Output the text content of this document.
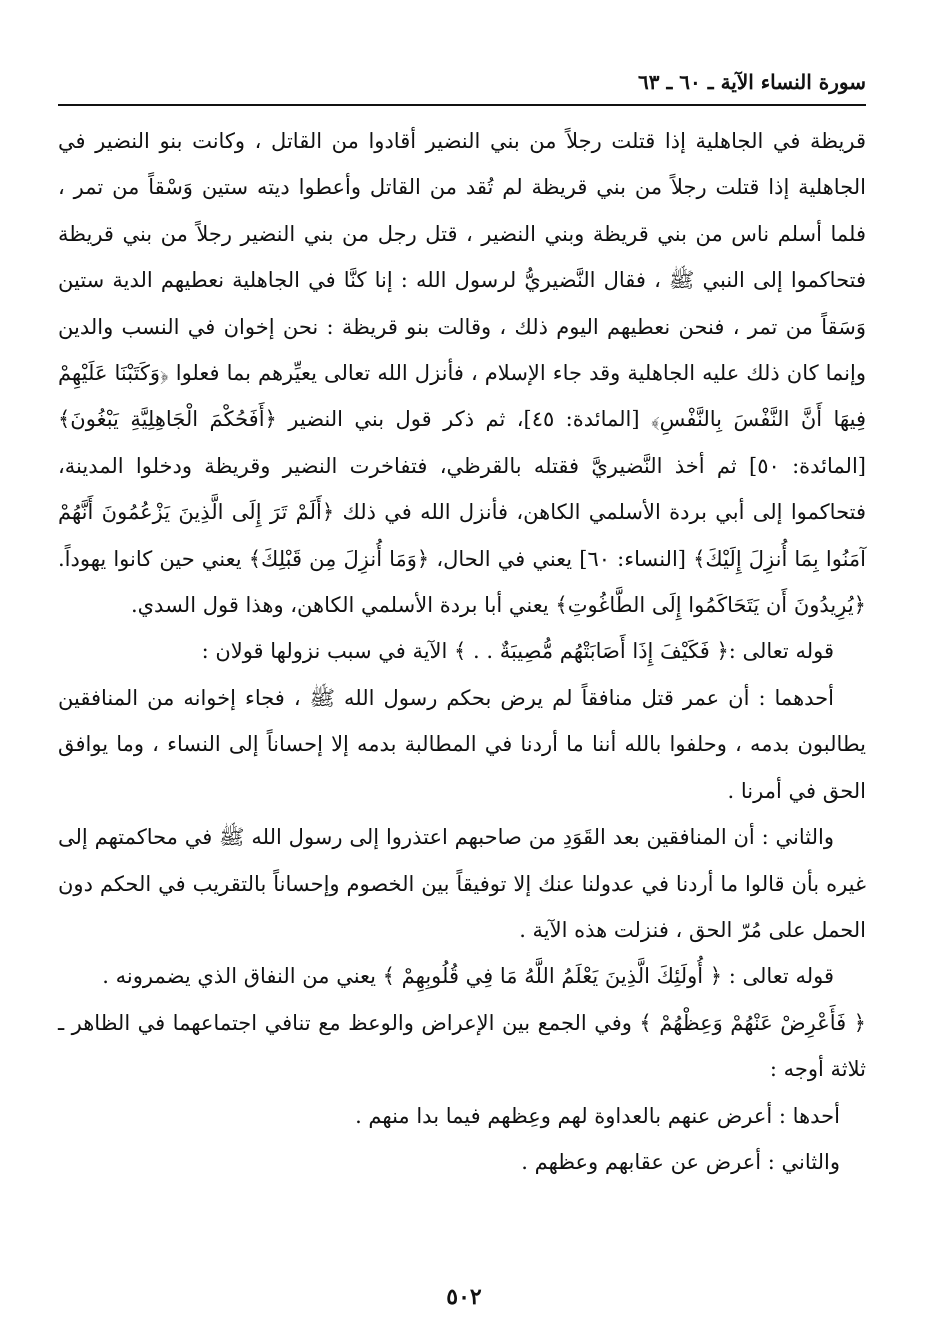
سورة النساء الآية ـ ٦٠ ـ ٦٣

قريظة في الجاهلية إذا قتلت رجلاً من بني النضير أقادوا من القاتل ، وكانت بنو النضير في الجاهلية إذا قتلت رجلاً من بني قريظة لم تُقد من القاتل وأعطوا ديته ستين وَسْقاً من تمر ، فلما أسلم ناس من بني قريظة وبني النضير ، قتل رجل من بني النضير رجلاً من بني قريظة فتحاكموا إلى النبي ﷺ ، فقال النَّضيريُّ لرسول الله : إنا كنَّا في الجاهلية نعطيهم الدية ستين وَسَقاً من تمر ، فنحن نعطيهم اليوم ذلك ، وقالت بنو قريظة : نحن إخوان في النسب والدين وإنما كان ذلك عليه الجاهلية وقد جاء الإسلام ، فأنزل الله تعالى يعيِّرهم بما فعلوا ﴿وَكَتَبْنَا عَلَيْهِمْ فِيهَا أَنَّ النَّفْسَ بِالنَّفْسِ﴾ [المائدة: ٤٥]، ثم ذكر قول بني النضير ﴿أَفَحُكْمَ الْجَاهِلِيَّةِ يَبْغُونَ﴾ [المائدة: ٥٠] ثم أخذ النَّضيريَّ فقتله بالقرظي، فتفاخرت النضير وقريظة ودخلوا المدينة، فتحاكموا إلى أبي بردة الأسلمي الكاهن، فأنزل الله في ذلك ﴿أَلَمْ تَرَ إِلَى الَّذِينَ يَزْعُمُونَ أَنَّهُمْ آمَنُوا بِمَا أُنزِلَ إِلَيْكَ﴾ [النساء: ٦٠] يعني في الحال، ﴿وَمَا أُنزِلَ مِن قَبْلِكَ﴾ يعني حين كانوا يهوداً. ﴿يُرِيدُونَ أَن يَتَحَاكَمُوا إِلَى الطَّاغُوتِ﴾ يعني أبا بردة الأسلمي الكاهن، وهذا قول السدي.

قوله تعالى :﴿ فَكَيْفَ إِذَا أَصَابَتْهُم مُّصِيبَةٌ . . ﴾ الآية في سبب نزولها قولان :

أحدهما : أن عمر قتل منافقاً لم يرض بحكم رسول الله ﷺ ، فجاء إخوانه من المنافقين يطالبون بدمه ، وحلفوا بالله أننا ما أردنا في المطالبة بدمه إلا إحساناً إلى النساء ، وما يوافق الحق في أمرنا .

والثاني : أن المنافقين بعد القَوَدِ من صاحبهم اعتذروا إلى رسول الله ﷺ في محاكمتهم إلى غيره بأن قالوا ما أردنا في عدولنا عنك إلا توفيقاً بين الخصوم وإحساناً بالتقريب في الحكم دون الحمل على مُرّ الحق ، فنزلت هذه الآية .

قوله تعالى : ﴿ أُولَئِكَ الَّذِينَ يَعْلَمُ اللَّهُ مَا فِي قُلُوبِهِمْ ﴾ يعني من النفاق الذي يضمرونه .

﴿ فَأَعْرِضْ عَنْهُمْ وَعِظْهُمْ ﴾ وفي الجمع بين الإعراض والوعظ مع تنافي اجتماعهما في الظاهر ـ ثلاثة أوجه :

أحدها : أعرض عنهم بالعداوة لهم وعِظهم فيما بدا منهم .

والثاني : أعرض عن عقابهم وعظهم .

٥٠٢
